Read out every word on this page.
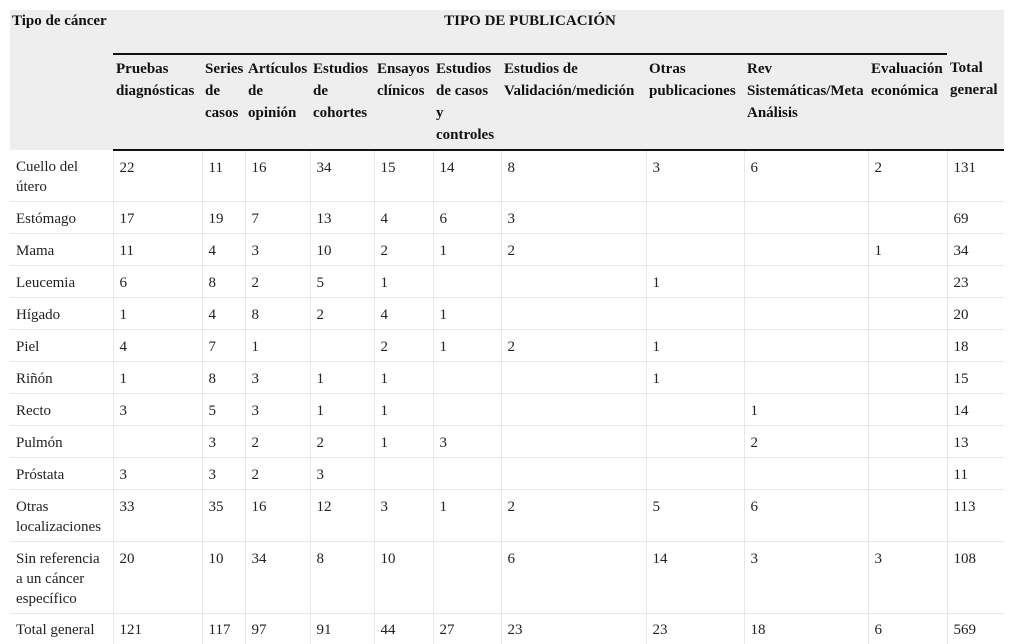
Tipo de cáncer	TIPO DE PUBLICACIÓN										
	Pruebas diagnósticas	Series de casos	Artículos de opinión	Estudios de cohortes	Ensayos clínicos	Estudios de casos y controles	Estudios de Validación/medición	Otras publicaciones	Rev Sistemáticas/Meta Análisis	Evaluación económica	Total general
Cuello del útero	22	11	16	34	15	14	8	3	6	2	131
Estómago	17	19	7	13	4	6	3				69
Mama	11	4	3	10	2	1	2			1	34
Leucemia	6	8	2	5	1			1			23
Hígado	1	4	8	2	4	1					20
Piel	4	7	1		2	1	2	1			18
Riñón	1	8	3	1	1			1			15
Recto	3	5	3	1	1				1		14
Pulmón		3	2	2	1	3			2		13
Próstata	3	3	2	3							11
Otras localizaciones	33	35	16	12	3	1	2	5	6		113
Sin referencia a un cáncer específico	20	10	34	8	10		6	14	3	3	108
Total general	121	117	97	91	44	27	23	23	18	6	569
